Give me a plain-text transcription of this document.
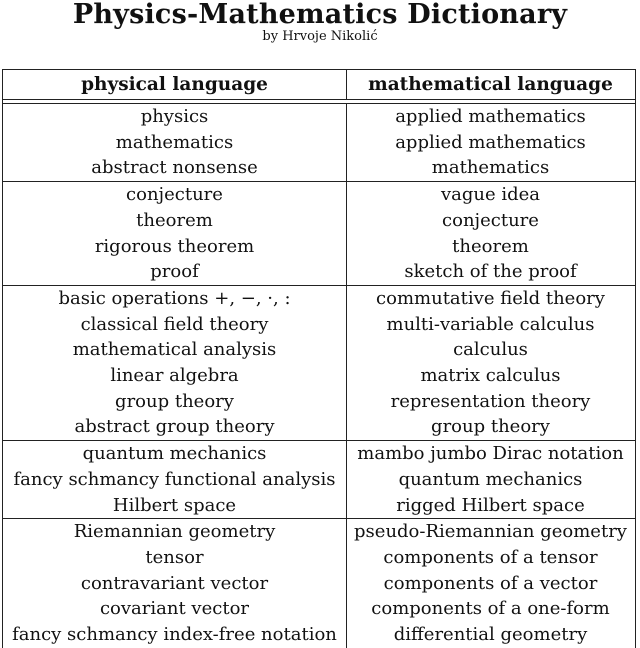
Physics-Mathematics Dictionary
by Hrvoje Nikolić
physical language	mathematical language
physics
mathematics
abstract nonsense
applied mathematics
applied mathematics
mathematics
conjecture
theorem
rigorous theorem
proof
vague idea
conjecture
theorem
sketch of the proof
basic operations +, −, ·, :
classical field theory
mathematical analysis
linear algebra
group theory
abstract group theory
commutative field theory
multi-variable calculus
calculus
matrix calculus
representation theory
group theory
quantum mechanics
fancy schmancy functional analysis
Hilbert space
mambo jumbo Dirac notation
quantum mechanics
rigged Hilbert space
Riemannian geometry
tensor
contravariant vector
covariant vector
fancy schmancy index-free notation
pseudo-Riemannian geometry
components of a tensor
components of a vector
components of a one-form
differential geometry
